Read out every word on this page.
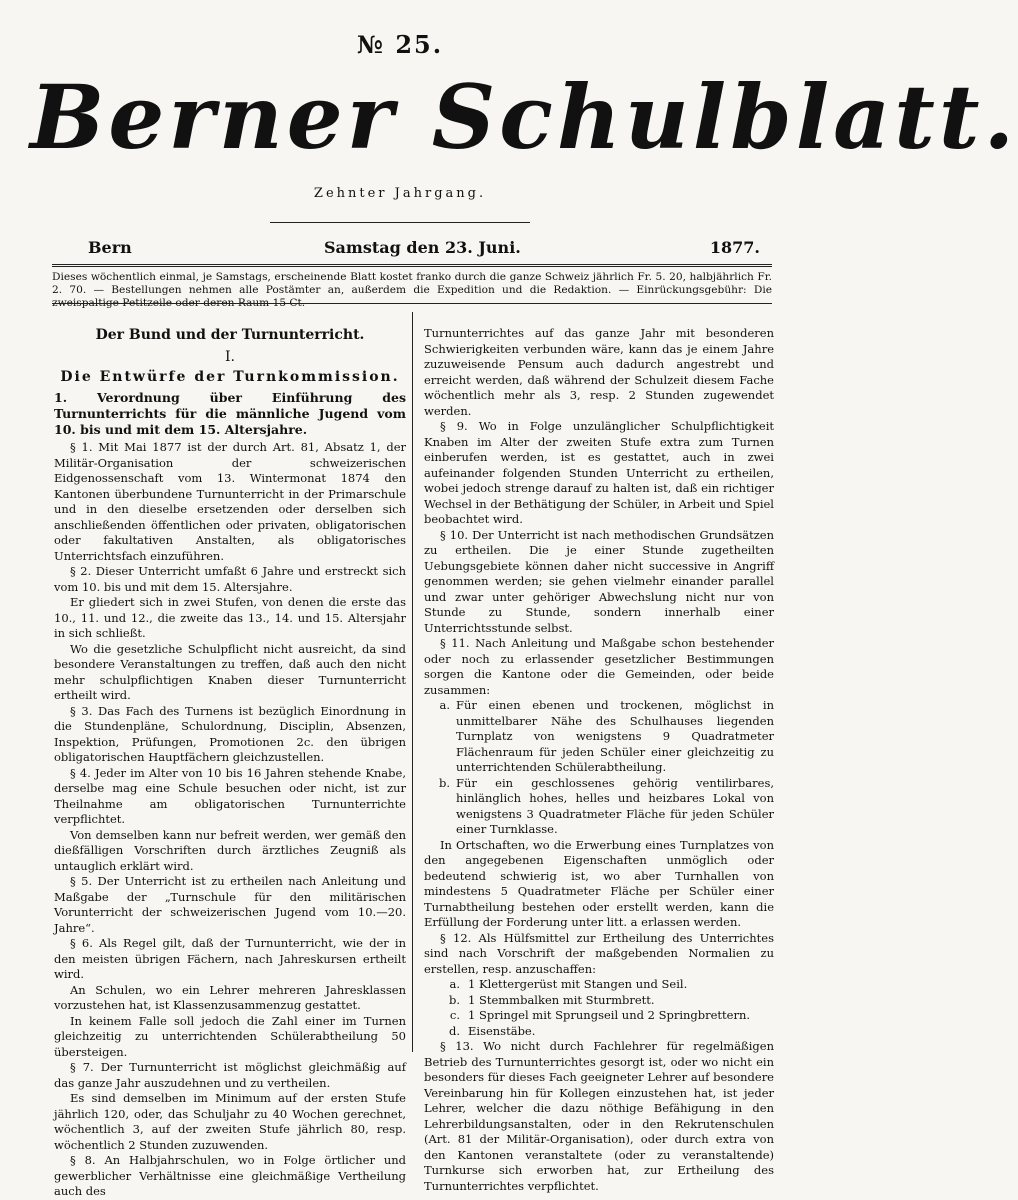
№ 25.
Berner Schulblatt.
Zehnter Jahrgang.
Bern	Samstag den 23. Juni.	1877.
Dieses wöchentlich einmal, je Samstags, erscheinende Blatt kostet franko durch die ganze Schweiz jährlich Fr. 5. 20, halbjährlich Fr. 2. 70. — Bestellungen nehmen alle Postämter an, außerdem die Expedition und die Redaktion. — Einrückungsgebühr: Die zweispaltige Petitzeile oder deren Raum 15 Ct.
Der Bund und der Turnunterricht.
I.
Die Entwürfe der Turnkommission.
1. Verordnung über Einführung des Turnunterrichts für die männliche Jugend vom 10. bis und mit dem 15. Altersjahre.

§ 1. Mit Mai 1877 ist der durch Art. 81, Absatz 1, der Militär-Organisation der schweizerischen Eidgenossenschaft vom 13. Wintermonat 1874 den Kantonen überbundene Turnunterricht in der Primarschule und in den dieselbe ersetzenden oder derselben sich anschließenden öffentlichen oder privaten, obligatorischen oder fakultativen Anstalten, als obligatorisches Unterrichtsfach einzuführen.

§ 2. Dieser Unterricht umfaßt 6 Jahre und erstreckt sich vom 10. bis und mit dem 15. Altersjahre.

Er gliedert sich in zwei Stufen, von denen die erste das 10., 11. und 12., die zweite das 13., 14. und 15. Altersjahr in sich schließt.

Wo die gesetzliche Schulpflicht nicht ausreicht, da sind besondere Veranstaltungen zu treffen, daß auch den nicht mehr schulpflichtigen Knaben dieser Turnunterricht ertheilt wird.

§ 3. Das Fach des Turnens ist bezüglich Einordnung in die Stundenpläne, Schulordnung, Disciplin, Absenzen, Inspektion, Prüfungen, Promotionen 2c. den übrigen obligatorischen Hauptfächern gleichzustellen.

§ 4. Jeder im Alter von 10 bis 16 Jahren stehende Knabe, derselbe mag eine Schule besuchen oder nicht, ist zur Theilnahme am obligatorischen Turnunterrichte verpflichtet.

Von demselben kann nur befreit werden, wer gemäß den dießfälligen Vorschriften durch ärztliches Zeugniß als untauglich erklärt wird.

§ 5. Der Unterricht ist zu ertheilen nach Anleitung und Maßgabe der „Turnschule für den militärischen Vorunterricht der schweizerischen Jugend vom 10.—20. Jahre“.

§ 6. Als Regel gilt, daß der Turnunterricht, wie der in den meisten übrigen Fächern, nach Jahreskursen ertheilt wird.

An Schulen, wo ein Lehrer mehreren Jahresklassen vorzustehen hat, ist Klassenzusammenzug gestattet.

In keinem Falle soll jedoch die Zahl einer im Turnen gleichzeitig zu unterrichtenden Schülerabtheilung 50 übersteigen.

§ 7. Der Turnunterricht ist möglichst gleichmäßig auf das ganze Jahr auszudehnen und zu vertheilen.

Es sind demselben im Minimum auf der ersten Stufe jährlich 120, oder, das Schuljahr zu 40 Wochen gerechnet, wöchentlich 3, auf der zweiten Stufe jährlich 80, resp. wöchentlich 2 Stunden zuzuwenden.

§ 8. An Halbjahrschulen, wo in Folge örtlicher und gewerblicher Verhältnisse eine gleichmäßige Vertheilung auch des

Turnunterrichtes auf das ganze Jahr mit besonderen Schwierigkeiten verbunden wäre, kann das je einem Jahre zuzuweisende Pensum auch dadurch angestrebt und erreicht werden, daß während der Schulzeit diesem Fache wöchentlich mehr als 3, resp. 2 Stunden zugewendet werden.

§ 9. Wo in Folge unzulänglicher Schulpflichtigkeit Knaben im Alter der zweiten Stufe extra zum Turnen einberufen werden, ist es gestattet, auch in zwei aufeinander folgenden Stunden Unterricht zu ertheilen, wobei jedoch strenge darauf zu halten ist, daß ein richtiger Wechsel in der Bethätigung der Schüler, in Arbeit und Spiel beobachtet wird.

§ 10. Der Unterricht ist nach methodischen Grundsätzen zu ertheilen. Die je einer Stunde zugetheilten Uebungsgebiete können daher nicht successive in Angriff genommen werden; sie gehen vielmehr einander parallel und zwar unter gehöriger Abwechslung nicht nur von Stunde zu Stunde, sondern innerhalb einer Unterrichtsstunde selbst.

§ 11. Nach Anleitung und Maßgabe schon bestehender oder noch zu erlassender gesetzlicher Bestimmungen sorgen die Kantone oder die Gemeinden, oder beide zusammen:

a. Für einen ebenen und trockenen, möglichst in unmittelbarer Nähe des Schulhauses liegenden Turnplatz von wenigstens 9 Quadratmeter Flächenraum für jeden Schüler einer gleichzeitig zu unterrichtenden Schülerabtheilung.
b. Für ein geschlossenes gehörig ventilirbares, hinlänglich hohes, helles und heizbares Lokal von wenigstens 3 Quadratmeter Fläche für jeden Schüler einer Turnklasse.

In Ortschaften, wo die Erwerbung eines Turnplatzes von den angegebenen Eigenschaften unmöglich oder bedeutend schwierig ist, wo aber Turnhallen von mindestens 5 Quadratmeter Fläche per Schüler einer Turnabtheilung bestehen oder erstellt werden, kann die Erfüllung der Forderung unter litt. a erlassen werden.

§ 12. Als Hülfsmittel zur Ertheilung des Unterrichtes sind nach Vorschrift der maßgebenden Normalien zu erstellen, resp. anzuschaffen:

a. 1 Klettergerüst mit Stangen und Seil.
b. 1 Stemmbalken mit Sturmbrett.
c. 1 Springel mit Sprungseil und 2 Springbrettern.
d. Eisenstäbe.

§ 13. Wo nicht durch Fachlehrer für regelmäßigen Betrieb des Turnunterrichtes gesorgt ist, oder wo nicht ein besonders für dieses Fach geeigneter Lehrer auf besondere Vereinbarung hin für Kollegen einzustehen hat, ist jeder Lehrer, welcher die dazu nöthige Befähigung in den Lehrerbildungsanstalten, oder in den Rekrutenschulen (Art. 81 der Militär-Organisation), oder durch extra von den Kantonen veranstaltete (oder zu veranstaltende) Turnkurse sich erworben hat, zur Ertheilung des Turnunterrichtes verpflichtet.
